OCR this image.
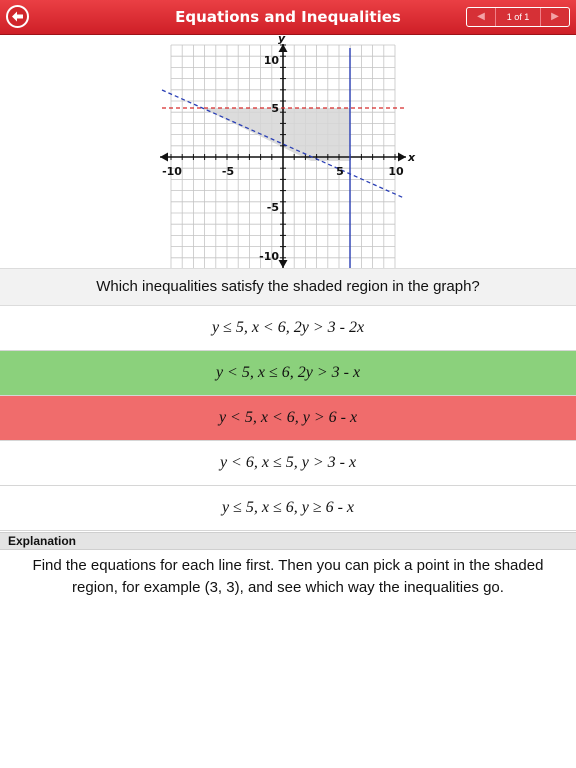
Equations and Inequalities	◀	1 of 1	▶
x
y
-10	-5	5	10
10
5
-5
-10
Which inequalities satisfy the shaded region in the graph?
y ≤ 5, x < 6, 2y > 3 - 2x
y < 5, x ≤ 6, 2y > 3 - x
y < 5, x < 6, y > 6 - x
y < 6, x ≤ 5, y > 3 - x
y ≤ 5, x ≤ 6, y ≥ 6 - x
Explanation
Find the equations for each line first. Then you can pick a point in the shaded region, for example (3, 3), and see which way the inequalities go.
